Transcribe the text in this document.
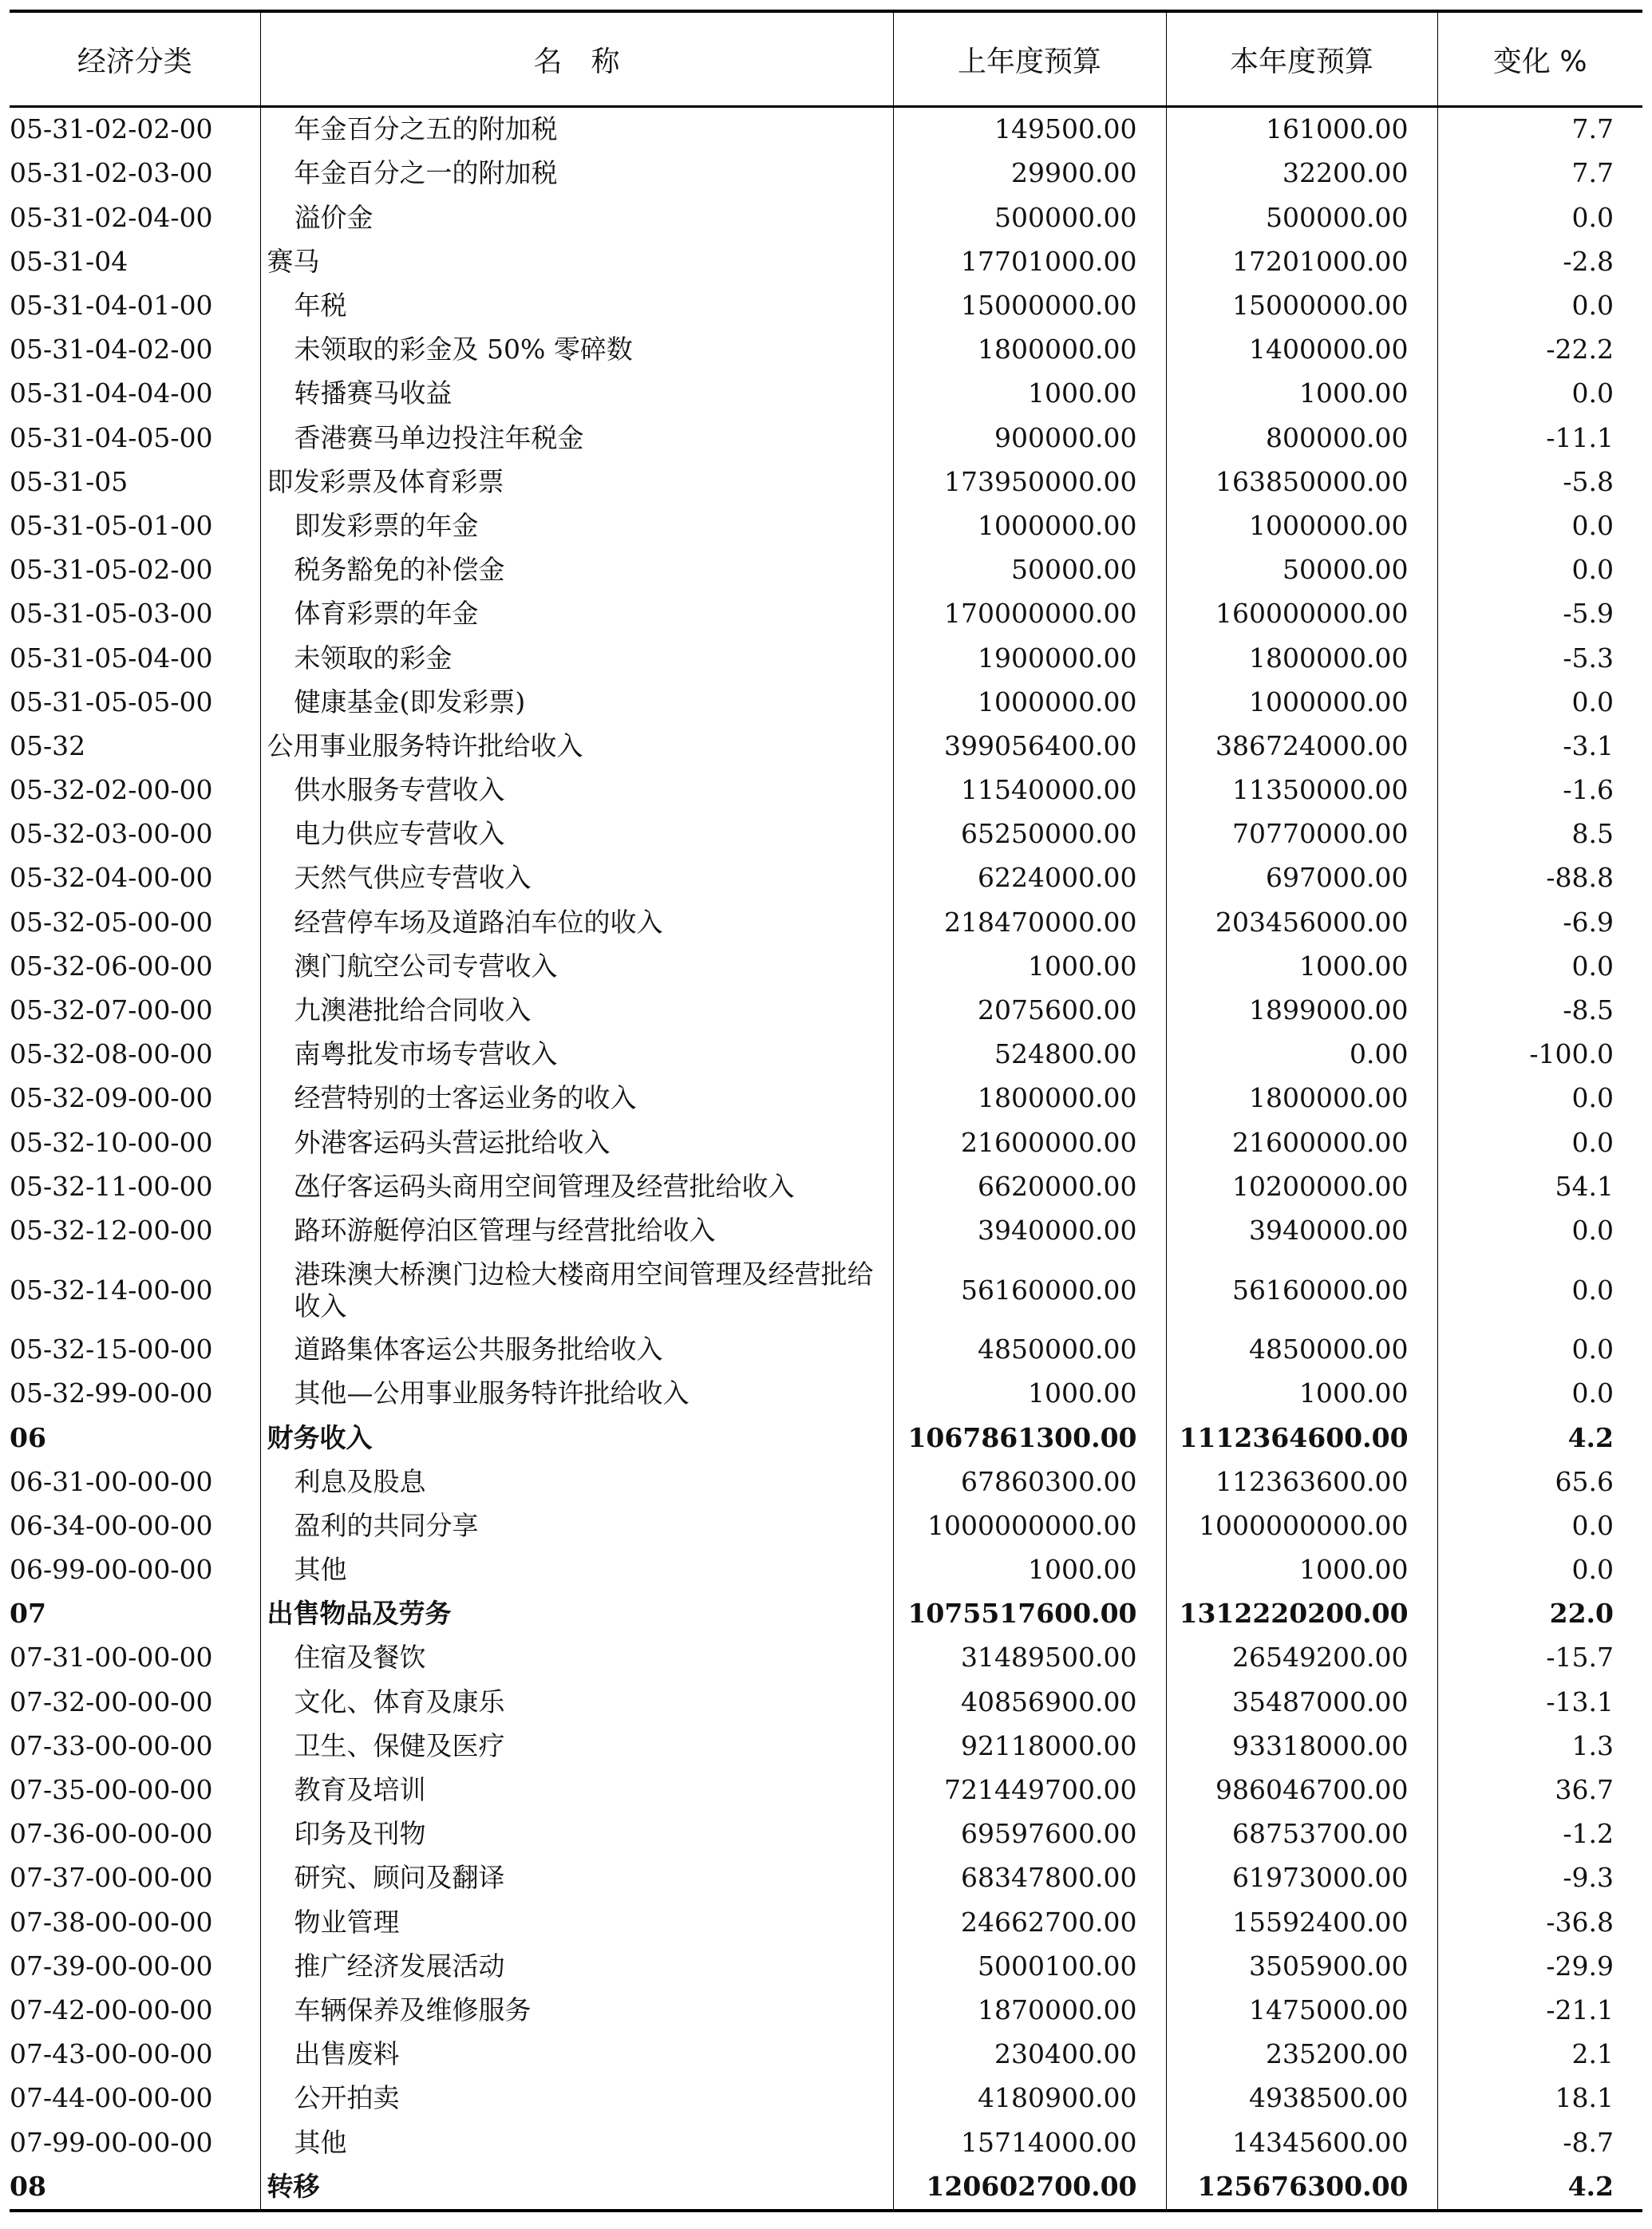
经济分类	名　称	上年度预算	本年度预算	变化 %
05-31-02-02-00	年金百分之五的附加税	149500.00	161000.00	7.7
05-31-02-03-00	年金百分之一的附加税	29900.00	32200.00	7.7
05-31-02-04-00	溢价金	500000.00	500000.00	0.0
05-31-04	赛马	17701000.00	17201000.00	-2.8
05-31-04-01-00	年税	15000000.00	15000000.00	0.0
05-31-04-02-00	未领取的彩金及 50% 零碎数	1800000.00	1400000.00	-22.2
05-31-04-04-00	转播赛马收益	1000.00	1000.00	0.0
05-31-04-05-00	香港赛马单边投注年税金	900000.00	800000.00	-11.1
05-31-05	即发彩票及体育彩票	173950000.00	163850000.00	-5.8
05-31-05-01-00	即发彩票的年金	1000000.00	1000000.00	0.0
05-31-05-02-00	税务豁免的补偿金	50000.00	50000.00	0.0
05-31-05-03-00	体育彩票的年金	170000000.00	160000000.00	-5.9
05-31-05-04-00	未领取的彩金	1900000.00	1800000.00	-5.3
05-31-05-05-00	健康基金(即发彩票)	1000000.00	1000000.00	0.0
05-32	公用事业服务特许批给收入	399056400.00	386724000.00	-3.1
05-32-02-00-00	供水服务专营收入	11540000.00	11350000.00	-1.6
05-32-03-00-00	电力供应专营收入	65250000.00	70770000.00	8.5
05-32-04-00-00	天然气供应专营收入	6224000.00	697000.00	-88.8
05-32-05-00-00	经营停车场及道路泊车位的收入	218470000.00	203456000.00	-6.9
05-32-06-00-00	澳门航空公司专营收入	1000.00	1000.00	0.0
05-32-07-00-00	九澳港批给合同收入	2075600.00	1899000.00	-8.5
05-32-08-00-00	南粤批发市场专营收入	524800.00	0.00	-100.0
05-32-09-00-00	经营特别的士客运业务的收入	1800000.00	1800000.00	0.0
05-32-10-00-00	外港客运码头营运批给收入	21600000.00	21600000.00	0.0
05-32-11-00-00	氹仔客运码头商用空间管理及经营批给收入	6620000.00	10200000.00	54.1
05-32-12-00-00	路环游艇停泊区管理与经营批给收入	3940000.00	3940000.00	0.0
05-32-14-00-00	港珠澳大桥澳门边检大楼商用空间管理及经营批给收入	56160000.00	56160000.00	0.0
05-32-15-00-00	道路集体客运公共服务批给收入	4850000.00	4850000.00	0.0
05-32-99-00-00	其他—公用事业服务特许批给收入	1000.00	1000.00	0.0
06	财务收入	1067861300.00	1112364600.00	4.2
06-31-00-00-00	利息及股息	67860300.00	112363600.00	65.6
06-34-00-00-00	盈利的共同分享	1000000000.00	1000000000.00	0.0
06-99-00-00-00	其他	1000.00	1000.00	0.0
07	出售物品及劳务	1075517600.00	1312220200.00	22.0
07-31-00-00-00	住宿及餐饮	31489500.00	26549200.00	-15.7
07-32-00-00-00	文化、体育及康乐	40856900.00	35487000.00	-13.1
07-33-00-00-00	卫生、保健及医疗	92118000.00	93318000.00	1.3
07-35-00-00-00	教育及培训	721449700.00	986046700.00	36.7
07-36-00-00-00	印务及刊物	69597600.00	68753700.00	-1.2
07-37-00-00-00	研究、顾问及翻译	68347800.00	61973000.00	-9.3
07-38-00-00-00	物业管理	24662700.00	15592400.00	-36.8
07-39-00-00-00	推广经济发展活动	5000100.00	3505900.00	-29.9
07-42-00-00-00	车辆保养及维修服务	1870000.00	1475000.00	-21.1
07-43-00-00-00	出售废料	230400.00	235200.00	2.1
07-44-00-00-00	公开拍卖	4180900.00	4938500.00	18.1
07-99-00-00-00	其他	15714000.00	14345600.00	-8.7
08	转移	120602700.00	125676300.00	4.2
